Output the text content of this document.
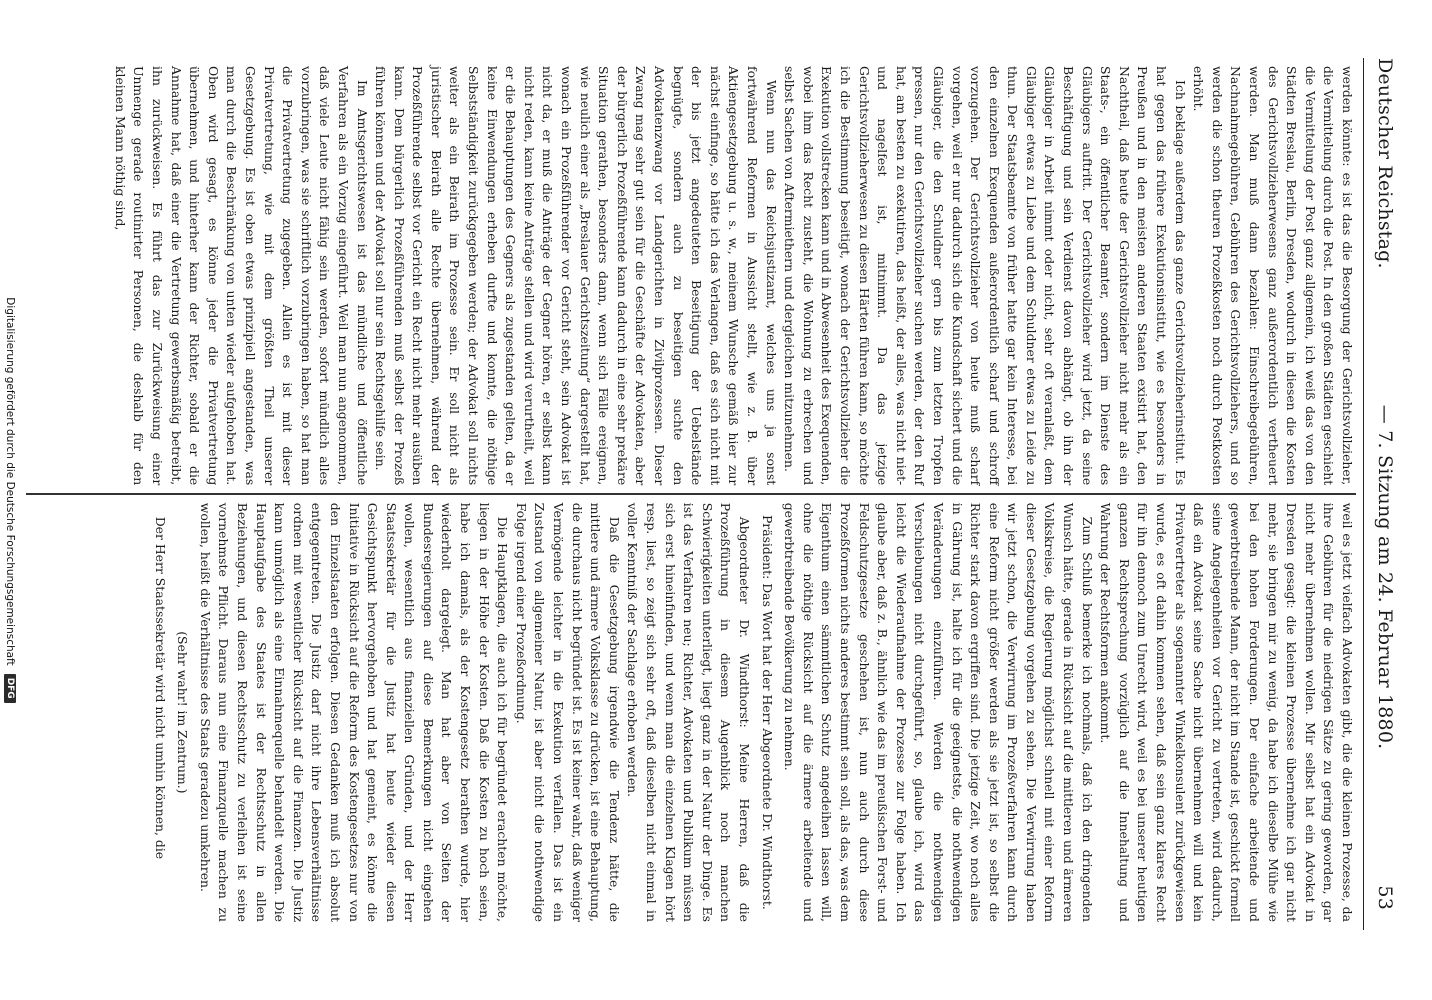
Deutscher Reichstag.
— 7. Sitzung am 24. Februar 1880.
53

werden könnte: es ist das die Besorgung der Gerichtsvollzieher, die Vermittelung durch die Post. In den großen Städten geschieht die Vermittelung der Post ganz allgemein, ich weiß das von den Städten Breslau, Berlin, Dresden, wodurch in diesen die Kosten des Gerichtsvollzieherwesens ganz außerordentlich vertheuert werden. Man muß dann bezahlen: Einschreibegebühren, Nachnahmegebühren, Gebühren des Gerichtsvollziehers, und so werden die schon theuren Prozeßkosten noch durch Postkosten erhöht.

Ich beklage außerdem das ganze Gerichtsvollzieherinstitut. Es hat gegen das frühere Exekutionsinstitut, wie es besonders in Preußen und in den meisten anderen Staaten existirt hat, den Nachtheil, daß heute der Gerichtsvollzieher nicht mehr als ein Staats-, ein öffentlicher Beamter, sondern im Dienste des Gläubigers auftritt. Der Gerichtsvollzieher wird jetzt, da seine Beschäftigung und sein Verdienst davon abhängt, ob ihn der Gläubiger in Arbeit nimmt oder nicht, sehr oft veranlaßt, dem Gläubiger etwas zu Liebe und dem Schuldner etwas zu Leide zu thun. Der Staatsbeamte von früher hatte gar kein Interesse, bei den einzelnen Exequenden außerordentlich scharf und schroff vorzugehen. Der Gerichtsvollzieher von heute muß scharf vorgehen, weil er nur dadurch sich die Kundschaft sichert und die Gläubiger, die den Schuldner gern bis zum letzten Tropfen pressen, nur den Gerichtsvollzieher suchen werden, der den Ruf hat, am besten zu exekutiren, das heißt, der alles, was nicht niet- und nagelfest ist, mitnimmt. Da das jetzige Gerichtsvollzieherwesen zu diesen Härten führen kann, so möchte ich die Bestimmung beseitigt, wonach der Gerichtsvollzieher die Exekution vollstrecken kann und in Abwesenheit des Exequenden, wobei ihm das Recht zusteht, die Wohnung zu erbrechen und selbst Sachen von Aftermiethern und dergleichen mitzunehmen.

Wenn nun das Reichsjustizamt, welches uns ja sonst fortwährend Reformen in Aussicht stellt, wie z. B. über Aktiengesetzgebung u. s. w., meinem Wunsche gemäß hier zur nächst einfinge, so hätte ich das Verlangen, daß es sich nicht mit der bis jetzt angedeuteten Beseitigung der Uebelstände begnügte, sondern auch zu beseitigen suchte den Advokatenzwang vor Landgerichten in Zivilprozessen. Dieser Zwang mag sehr gut sein für die Geschäfte der Advokaten, aber der bürgerlich Prozeßführende kann dadurch in eine sehr prekäre Situation gerathen, besonders dann, wenn sich Fälle ereignen, wie neulich einer als „Breslauer Gerichtszeitung“ dargestellt hat, wonach ein Prozeßführender vor Gericht steht, sein Advokat ist nicht da, er muß die Anträge der Gegner hören, er selbst kann nicht reden, kann keine Anträge stellen und wird verurtheilt, weil er die Behauptungen des Gegners als zugestanden gelten, da er keine Einwendungen erheben durfte und konnte, die nöthige Selbstständigkeit zurückgegeben werden; der Advokat soll nichts weiter als ein Beirath im Prozesse sein. Er soll nicht als juristischer Beirath alle Rechte übernehmen, während der Prozeßführende selbst vor Gericht ein Recht nicht mehr ausüben kann. Dem bürgerlich Prozeßführenden muß selbst der Prozeß führen können und der Advokat soll nur sein Rechtsgehilfe sein.

Im Amtsgerichtswesen ist das mündliche und öffentliche Verfahren als ein Vorzug eingeführt. Weil man nun angenommen, daß viele Leute nicht fähig sein werden, sofort mündlich alles vorzubringen, was sie schriftlich vorzubringen haben, so hat man die Privatvertretung zugegeben. Allein es ist mit dieser Privatvertretung, wie mit dem größten Theil unserer Gesetzgebung. Es ist oben etwas prinzipiell angestanden, was man durch die Beschränkung von unten wieder aufgehoben hat. Oben wird gesagt, es könne jeder die Privatvertretung übernehmen, und hinterher kann der Richter, sobald er die Annahme hat, daß einer die Vertretung gewerbsmäßig betreibt, ihn zurückweisen. Es führt das zur Zurückweisung einer Unmenge gerade routinirter Personen, die deshalb für den kleinen Mann nöthig sind,

weil es jetzt vielfach Advokaten gibt, die die kleinen Prozesse, da ihre Gebühren für die niedrigen Sätze zu gering geworden, gar nicht mehr übernehmen wollen. Mir selbst hat ein Advokat in Dresden gesagt: die kleinen Prozesse übernehme ich gar nicht mehr, sie bringen mir zu wenig, da habe ich dieselbe Mühe wie bei den hohen Forderungen. Der einfache arbeitende und gewerbtreibende Mann, der nicht im Stande ist, geschickt formell seine Angelegenheiten vor Gericht zu vertreten, wird dadurch, daß ein Advokat seine Sache nicht übernehmen will und kein Privatvertreter als sogenannter Winkelkonsulent zurückgewiesen wurde, es oft dahin kommen sehen, daß sein ganz klares Recht für ihn dennoch zum Unrecht wird, weil es bei unserer heutigen ganzen Rechtsprechung vorzüglich auf die Innehaltung und Wahrung der Rechtsformen ankommt.

Zum Schluß bemerke ich nochmals, daß ich den dringenden Wunsch hätte, gerade in Rücksicht auf die mittleren und ärmeren Volkskreise, die Regierung möglichst schnell mit einer Reform dieser Gesetzgebung vorgehen zu sehen. Die Verwirrung haben wir jetzt schon, die Verwirrung im Prozeßverfahren kann durch eine Reform nicht größer werden als sie jetzt ist, so selbst die Richter stark davon ergriffen sind. Die jetzige Zeit, wo noch alles in Gährung ist, halte ich für die geeignetste, die nothwendigen Veränderungen einzuführen. Werden die nothwendigen Verschiebungen nicht durchgeführt, so, glaube ich, wird das leicht die Wiederaufnahme der Prozesse zur Folge haben. Ich glaube aber, daß z. B., ähnlich wie das im preußischen Forst- und Feldschutzgesetze geschehen ist, nun auch durch diese Prozeßformen nichts anderes bestimmt sein soll, als das, was dem Eigenthum einen sämmtlichen Schutz angedeihen lassen will, ohne die nöthige Rücksicht auf die ärmere arbeitende und gewerbtreibende Bevölkerung zu nehmen.

Präsident: Das Wort hat der Herr Abgeordnete Dr. Windthorst.

Abgeordneter Dr. Windthorst: Meine Herren, daß die Prozeßführung in diesem Augenblick noch manchen Schwierigkeiten unterliegt, liegt ganz in der Natur der Dinge. Es ist das Verfahren neu; Richter, Advokaten und Publikum müssen sich erst hineinfinden, und wenn man die einzelnen Klagen hört resp. liest, so zeigt sich sehr oft, daß dieselben nicht einmal in voller Kenntniß der Sachlage erhoben werden.

Daß die Gesetzgebung irgendwie die Tendenz hätte, die mittlere und ärmere Volksklasse zu drücken, ist eine Behauptung, die durchaus nicht begründet ist. Es ist keiner wahr, daß weniger Vermögende leichter in die Exekution verfallen. Das ist ein Zustand von allgemeiner Natur, ist aber nicht die nothwendige Folge irgend einer Prozeßordnung.

Die Hauptklagen, die auch ich für begründet erachten möchte, liegen in der Höhe der Kosten. Daß die Kosten zu hoch seien, habe ich damals, als der Kostengesetz berathen wurde, hier wiederholt dargelegt. Man hat aber von Seiten der Bundesregierungen auf diese Bemerkungen nicht eingehen wollen, wesentlich aus finanziellen Gründen, und der Herr Staatssekretär für die Justiz hat heute wieder diesen Gesichtspunkt hervorgehoben und hat gemeint, es könne die Initiative in Rücksicht auf die Reform des Kostengesetzes nur von den Einzelstaaten erfolgen. Diesen Gedanken muß ich absolut entgegentreten. Die Justiz darf nicht ihre Lebensverhältnisse ordnen mit wesentlicher Rücksicht auf die Finanzen. Die Justiz kann unmöglich als eine Einnahmequelle behandelt werden. Die Hauptaufgabe des Staates ist der Rechtsschutz in allen Beziehungen, und diesen Rechtsschutz zu verleihen ist seine vornehmste Pflicht. Daraus nun eine Finanzquelle machen zu wollen, heißt die Verhältnisse des Staats geradezu umkehren.

(Sehr wahr! im Zentrum.)

Der Herr Staatssekretär wird nicht umhin können, die

Digitalisierung gefördert durch die Deutsche Forschungsgemeinschaft
DFG
